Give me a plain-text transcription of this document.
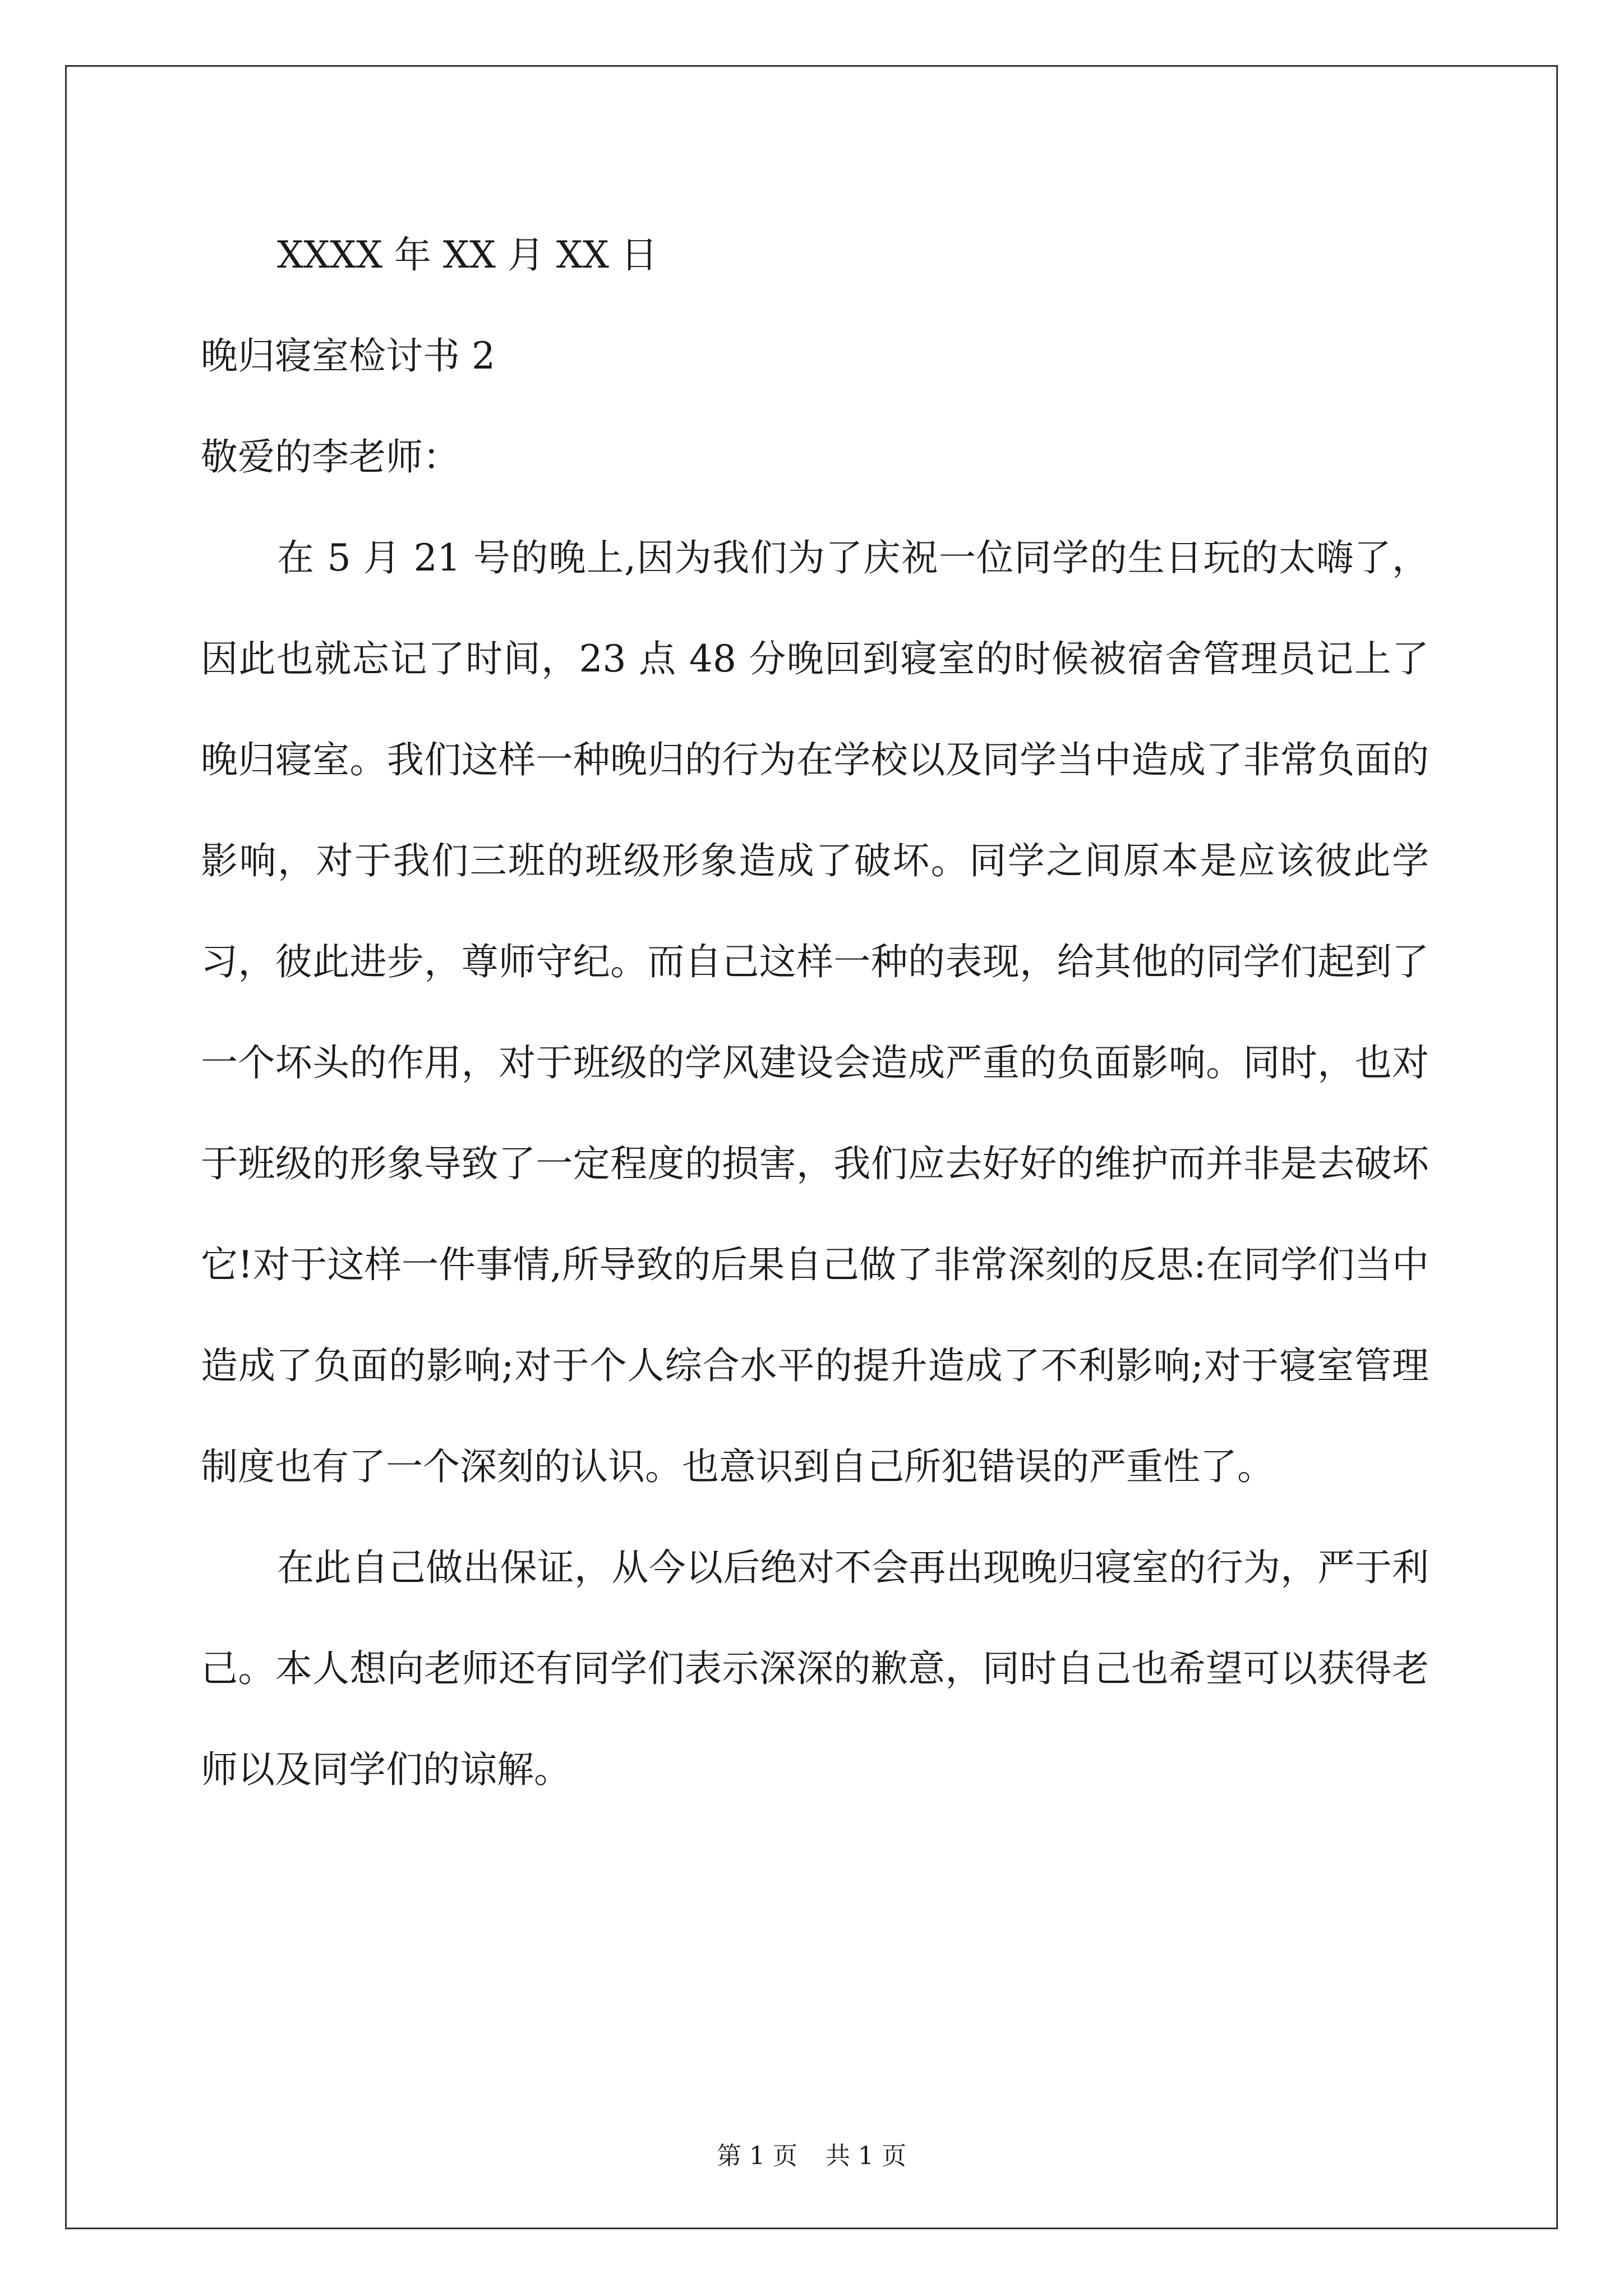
XXXX 年 XX 月 XX 日

晚归寝室检讨书 2

敬爱的李老师：

在 5 月 21 号的晚上,因为我们为了庆祝一位同学的生日玩的太嗨了，因此也就忘记了时间，23 点 48 分晚回到寝室的时候被宿舍管理员记上了晚归寝室。我们这样一种晚归的行为在学校以及同学当中造成了非常负面的影响，对于我们三班的班级形象造成了破坏。同学之间原本是应该彼此学习，彼此进步，尊师守纪。而自己这样一种的表现，给其他的同学们起到了一个坏头的作用，对于班级的学风建设会造成严重的负面影响。同时，也对于班级的形象导致了一定程度的损害，我们应去好好的维护而并非是去破坏它!对于这样一件事情,所导致的后果自己做了非常深刻的反思:在同学们当中造成了负面的影响;对于个人综合水平的提升造成了不利影响;对于寝室管理制度也有了一个深刻的认识。也意识到自己所犯错误的严重性了。

在此自己做出保证，从今以后绝对不会再出现晚归寝室的行为，严于利己。本人想向老师还有同学们表示深深的歉意，同时自己也希望可以获得老师以及同学们的谅解。

第 1 页 共 1 页
